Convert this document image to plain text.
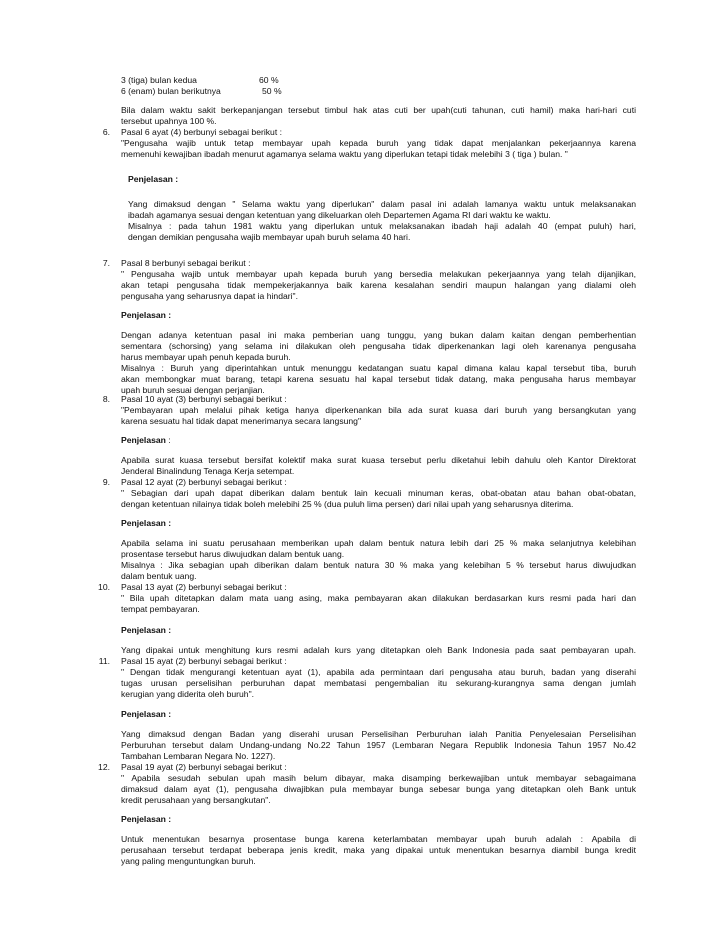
3 (tiga) bulan kedua	60 %
6 (enam) bulan berikutnya	50 %
Bila dalam waktu sakit berkepanjangan tersebut timbul hak atas cuti ber upah(cuti tahunan, cuti hamil) maka hari-hari cuti
tersebut upahnya 100 %.
6. Pasal 6 ayat (4) berbunyi sebagai berikut :
"Pengusaha wajib untuk tetap membayar upah kepada buruh yang tidak dapat menjalankan pekerjaannya karena
memenuhi kewajiban ibadah menurut agamanya selama waktu yang diperlukan tetapi tidak melebihi 3 ( tiga ) bulan. "
Penjelasan :
Yang dimaksud dengan " Selama waktu yang diperlukan" dalam pasal ini adalah lamanya waktu untuk melaksanakan
ibadah agamanya sesuai dengan ketentuan yang dikeluarkan oleh Departemen Agama RI dari waktu ke waktu.
Misalnya : pada tahun 1981 waktu yang diperlukan untuk melaksanakan ibadah haji adalah 40 (empat puluh) hari,
dengan demikian pengusaha wajib membayar upah buruh selama 40 hari.
7. Pasal 8 berbunyi sebagai berikut :
" Pengusaha wajib untuk membayar upah kepada buruh yang bersedia melakukan pekerjaannya yang telah dijanjikan,
akan tetapi pengusaha tidak mempekerjakannya baik karena kesalahan sendiri maupun halangan yang dialami oleh
pengusaha yang seharusnya dapat ia hindari".
Penjelasan :
Dengan adanya ketentuan pasal ini maka pemberian uang tunggu, yang bukan dalam kaitan dengan pemberhentian
sementara (schorsing) yang selama ini dilakukan oleh pengusaha tidak diperkenankan lagi oleh karenanya pengusaha
harus membayar upah penuh kepada buruh.
Misalnya : Buruh yang diperintahkan untuk menunggu kedatangan suatu kapal dimana kalau kapal tersebut tiba, buruh
akan membongkar muat barang, tetapi karena sesuatu hal kapal tersebut tidak datang, maka pengusaha harus membayar
upah buruh sesuai dengan perjanjian.
8. Pasal 10 ayat (3) berbunyi sebagai berikut :
"Pembayaran upah melalui pihak ketiga hanya diperkenankan bila ada surat kuasa dari buruh yang bersangkutan yang
karena sesuatu hal tidak dapat menerimanya secara langsung"
Penjelasan :
Apabila surat kuasa tersebut bersifat kolektif maka surat kuasa tersebut perlu diketahui lebih dahulu oleh Kantor Direktorat
Jenderal Binalindung Tenaga Kerja setempat.
9. Pasal 12 ayat (2) berbunyi sebagai berikut :
" Sebagian dari upah dapat diberikan dalam bentuk lain kecuali minuman keras, obat-obatan atau bahan obat-obatan,
dengan ketentuan nilainya tidak boleh melebihi 25 % (dua puluh lima persen) dari nilai upah yang seharusnya diterima.
Penjelasan :
Apabila selama ini suatu perusahaan memberikan upah dalam bentuk natura lebih dari 25 % maka selanjutnya kelebihan
prosentase tersebut harus diwujudkan dalam bentuk uang.
Misalnya : Jika sebagian upah diberikan dalam bentuk natura 30 % maka yang kelebihan 5 % tersebut harus diwujudkan
dalam bentuk uang.
10. Pasal 13 ayat (2) berbunyi sebagai berikut :
" Bila upah ditetapkan dalam mata uang asing, maka pembayaran akan dilakukan berdasarkan kurs resmi pada hari dan
tempat pembayaran.
Penjelasan :
Yang dipakai untuk menghitung kurs resmi adalah kurs yang ditetapkan oleh Bank Indonesia pada saat pembayaran upah.
11. Pasal 15 ayat (2) berbunyi sebagai berikut :
" Dengan tidak mengurangi ketentuan ayat (1), apabila ada permintaan dari pengusaha atau buruh, badan yang diserahi
tugas urusan perselisihan perburuhan dapat membatasi pengembalian itu sekurang-kurangnya sama dengan jumlah
kerugian yang diderita oleh buruh".
Penjelasan :
Yang dimaksud dengan Badan yang diserahi urusan Perselisihan Perburuhan ialah Panitia Penyelesaian Perselisihan
Perburuhan tersebut dalam Undang-undang No.22 Tahun 1957 (Lembaran Negara Republik Indonesia Tahun 1957 No.42
Tambahan Lembaran Negara No. 1227).
12. Pasal 19 ayat (2) berbunyi sebagai berikut :
" Apabila sesudah sebulan upah masih belum dibayar, maka disamping berkewajiban untuk membayar sebagaimana
dimaksud dalam ayat (1), pengusaha diwajibkan pula membayar bunga sebesar bunga yang ditetapkan oleh Bank untuk
kredit perusahaan yang bersangkutan".
Penjelasan :
Untuk menentukan besarnya prosentase bunga karena keterlambatan membayar upah buruh adalah : Apabila di
perusahaan tersebut terdapat beberapa jenis kredit, maka yang dipakai untuk menentukan besarnya diambil bunga kredit
yang paling menguntungkan buruh.
